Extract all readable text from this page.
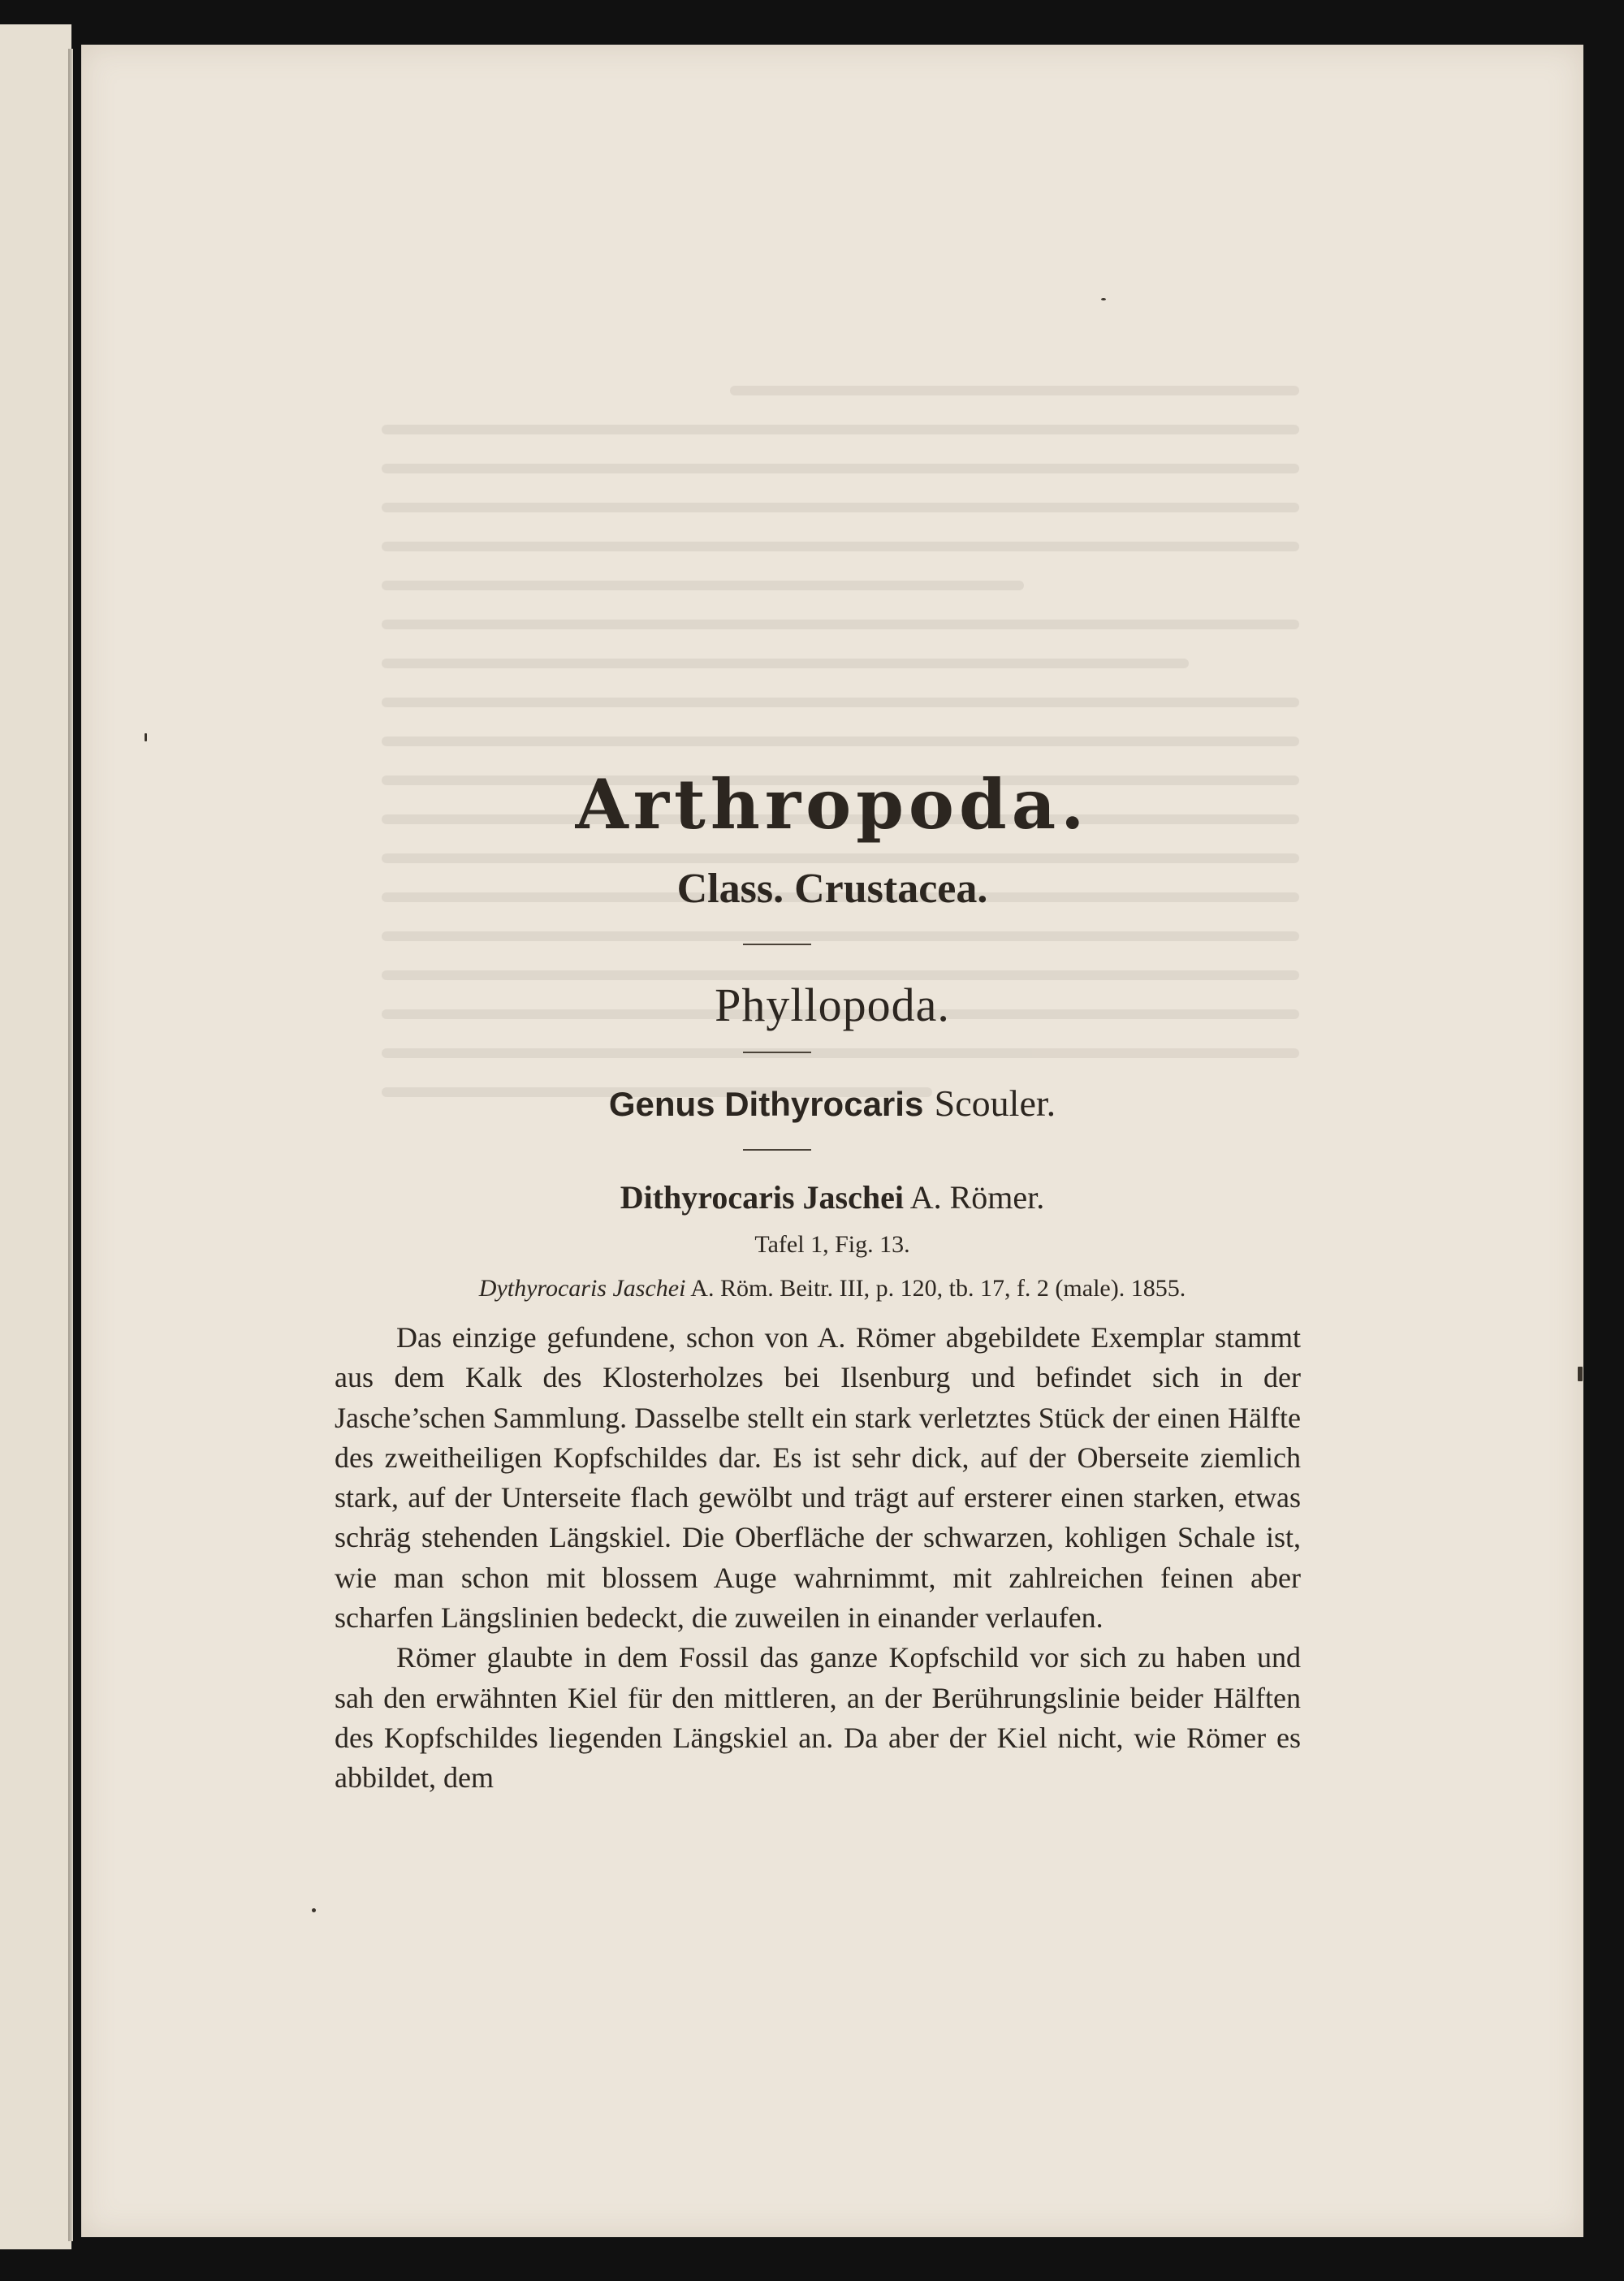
Arthropoda.
Class. Crustacea.
Phyllopoda.
Genus Dithyrocaris Scouler.
Dithyrocaris Jaschei A. Römer.
Tafel 1, Fig. 13.
Dythyrocaris Jaschei A. Röm. Beitr. III, p. 120, tb. 17, f. 2 (male). 1855.

Das einzige gefundene, schon von A. Römer abgebildete Exemplar stammt aus dem Kalk des Klosterholzes bei Ilsenburg und befindet sich in der Jasche’schen Sammlung. Dasselbe stellt ein stark verletztes Stück der einen Hälfte des zweitheiligen Kopfschildes dar. Es ist sehr dick, auf der Oberseite ziemlich stark, auf der Unterseite flach gewölbt und trägt auf ersterer einen starken, etwas schräg stehenden Längskiel. Die Oberfläche der schwarzen, kohligen Schale ist, wie man schon mit blossem Auge wahrnimmt, mit zahlreichen feinen aber scharfen Längslinien bedeckt, die zuweilen in einander verlaufen.

Römer glaubte in dem Fossil das ganze Kopfschild vor sich zu haben und sah den erwähnten Kiel für den mittleren, an der Berührungslinie beider Hälften des Kopfschildes liegenden Längskiel an. Da aber der Kiel nicht, wie Römer es abbildet, dem
